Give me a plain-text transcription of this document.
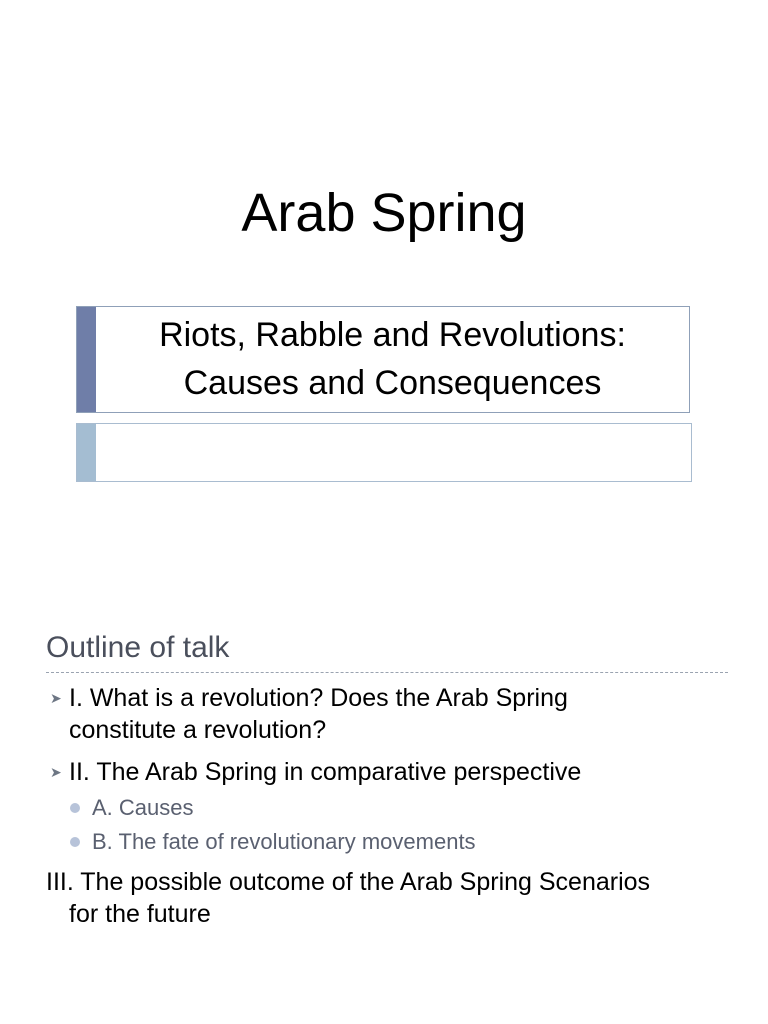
Arab Spring
Riots, Rabble and Revolutions:
Causes and Consequences
Outline of talk
➤ I. What is a revolution? Does the Arab Spring
constitute a revolution?
➤ II. The Arab Spring in comparative perspective
A. Causes
B. The fate of revolutionary movements
III. The possible outcome of the Arab Spring Scenarios
for the future
